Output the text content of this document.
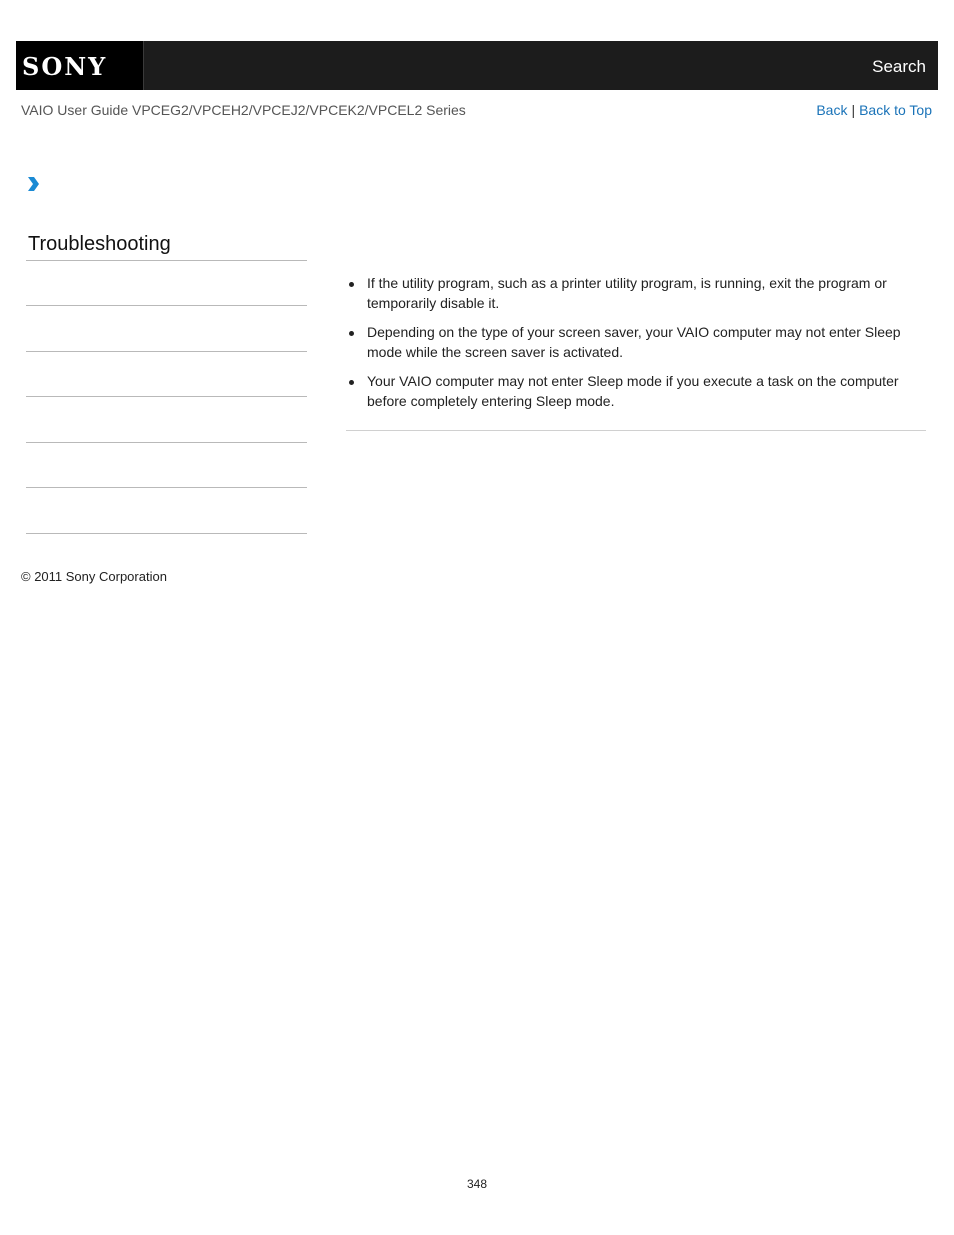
SONY	Search
VAIO User Guide VPCEG2/VPCEH2/VPCEJ2/VPCEK2/VPCEL2 Series	Back | Back to Top
Troubleshooting
If the utility program, such as a printer utility program, is running, exit the program or temporarily disable it.
Depending on the type of your screen saver, your VAIO computer may not enter Sleep mode while the screen saver is activated.
Your VAIO computer may not enter Sleep mode if you execute a task on the computer before completely entering Sleep mode.
© 2011 Sony Corporation
348
